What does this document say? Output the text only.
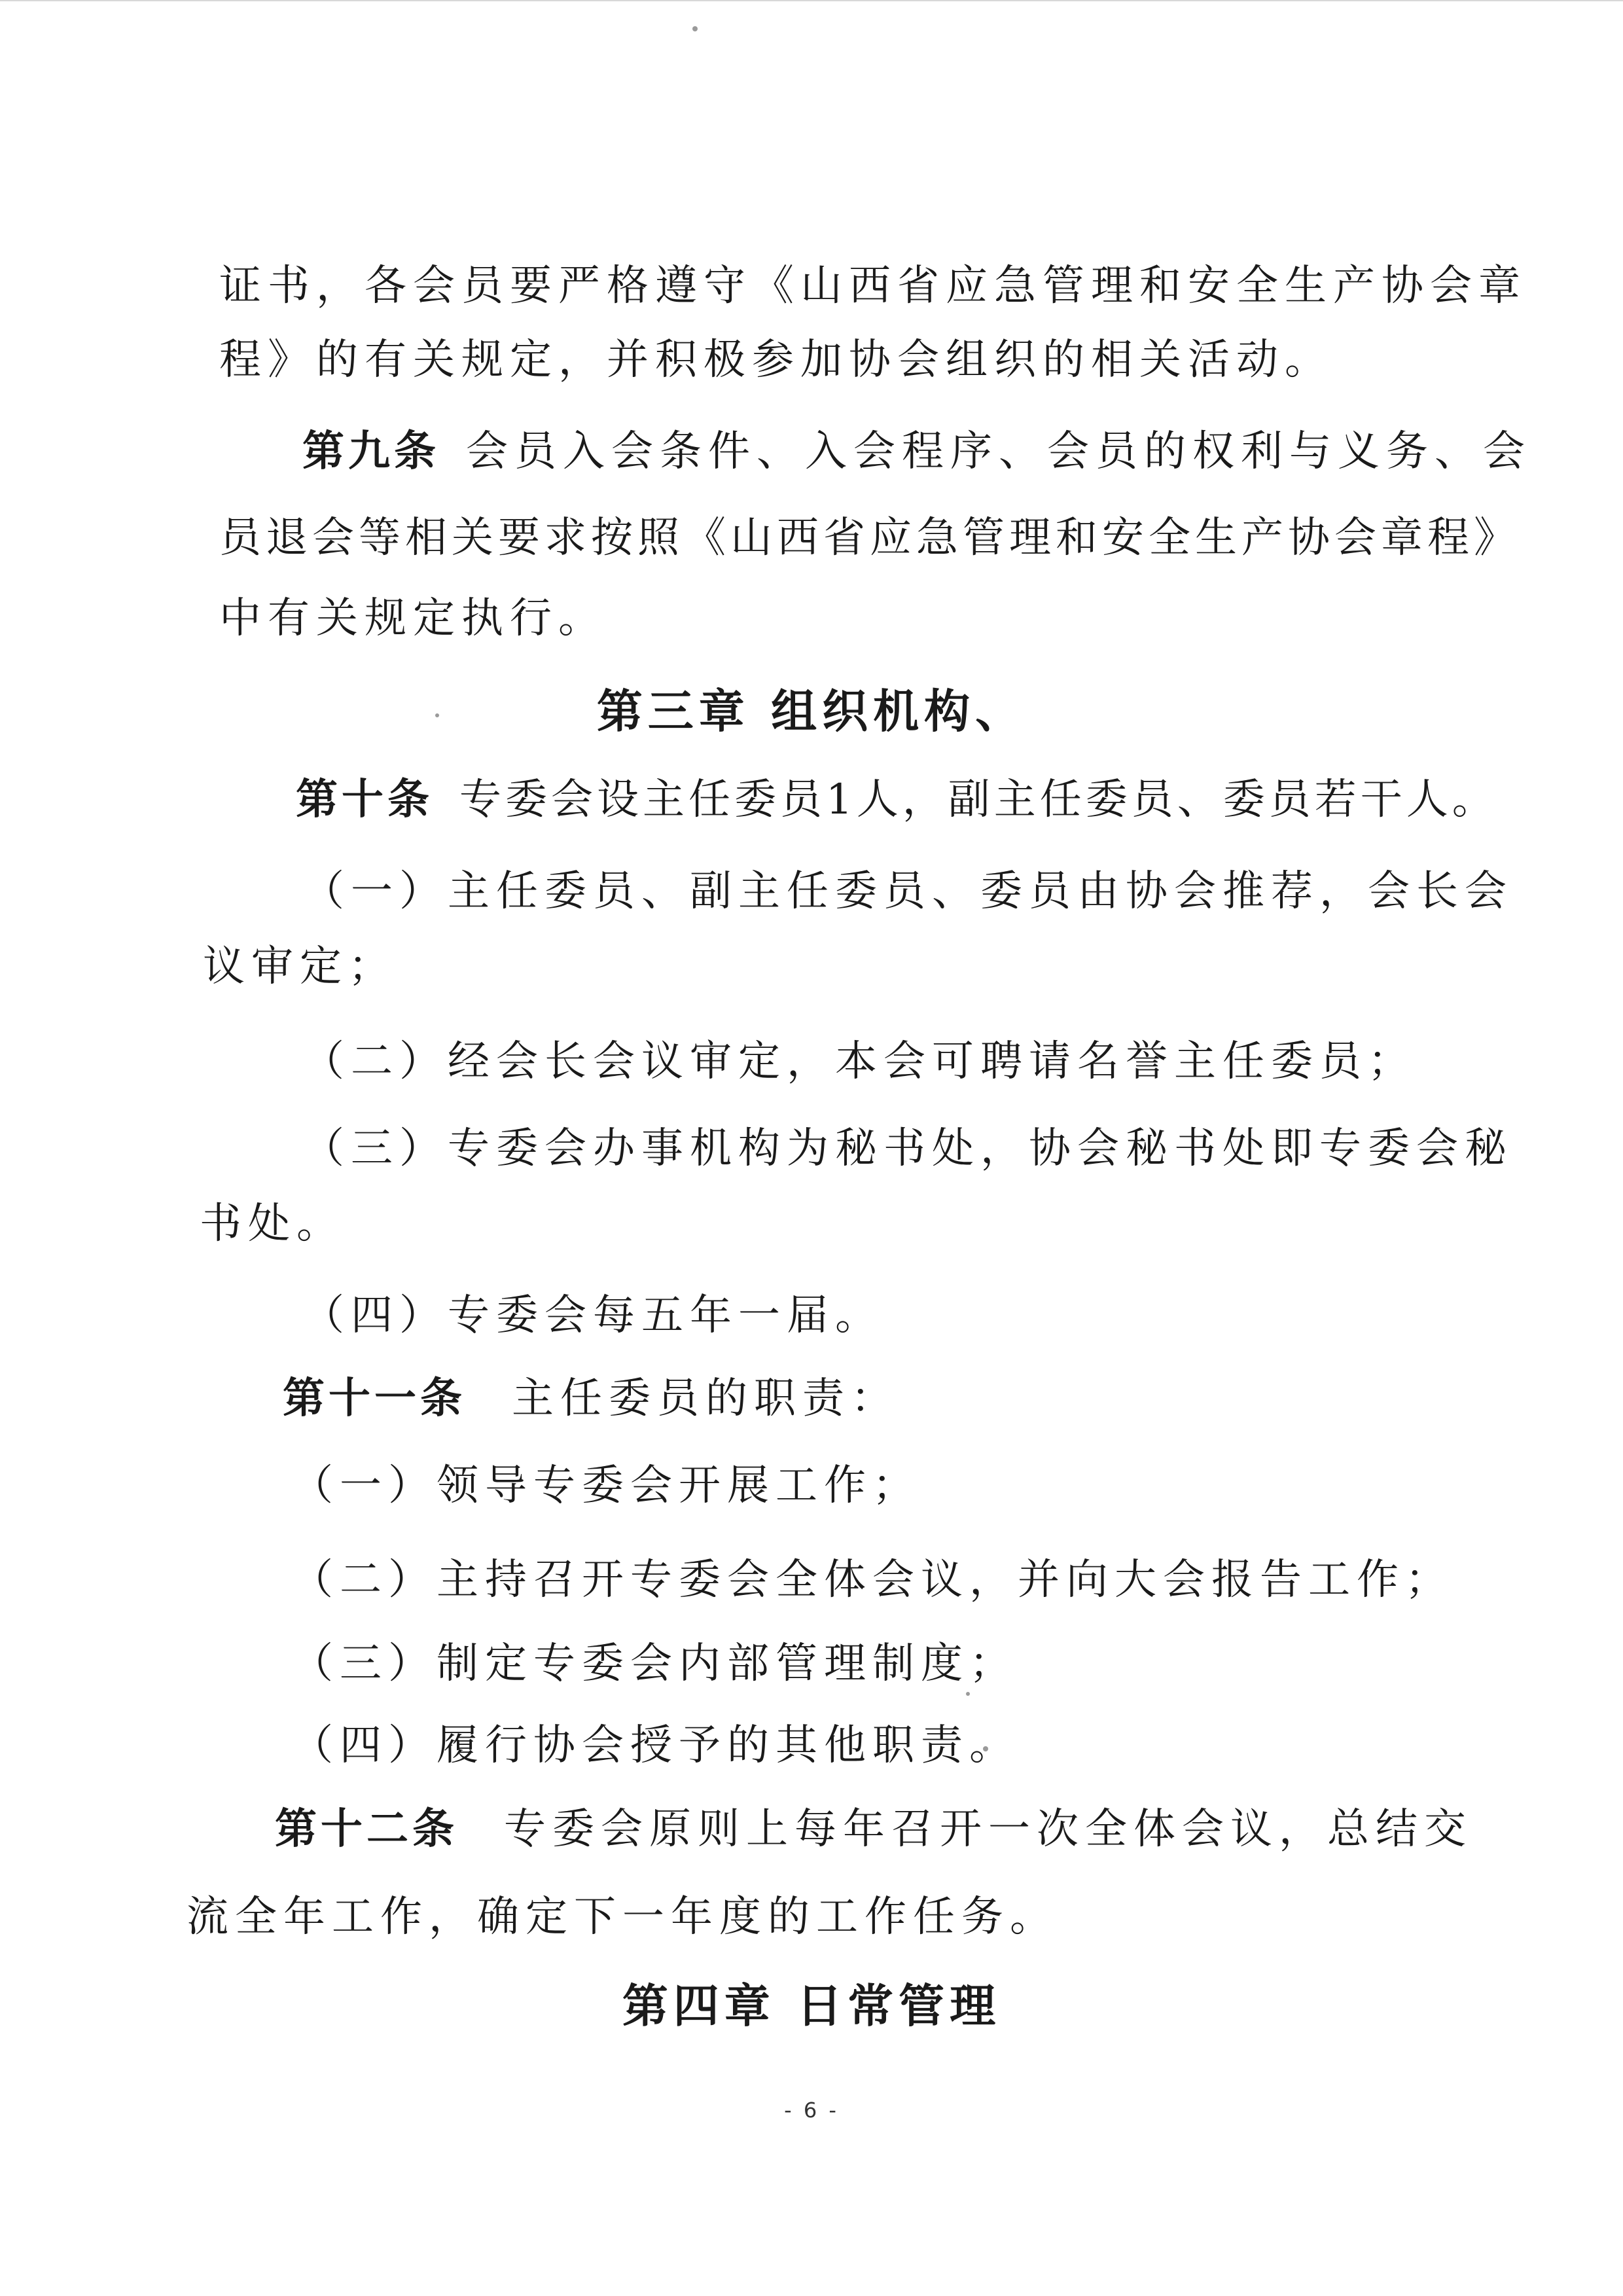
证书，各会员要严格遵守《山西省应急管理和安全生产协会章
程》的有关规定，并积极参加协会组织的相关活动。
第九条 会员入会条件、入会程序、会员的权利与义务、会
员退会等相关要求按照《山西省应急管理和安全生产协会章程》
中有关规定执行。
第三章 组织机构、
第十条 专委会设主任委员1人，副主任委员、委员若干人。
（一）主任委员、副主任委员、委员由协会推荐，会长会
议审定；
（二）经会长会议审定，本会可聘请名誉主任委员；
（三）专委会办事机构为秘书处，协会秘书处即专委会秘
书处。
（四）专委会每五年一届。
第十一条 主任委员的职责：
（一）领导专委会开展工作；
（二）主持召开专委会全体会议，并向大会报告工作；
（三）制定专委会内部管理制度；
（四）履行协会授予的其他职责。
第十二条 专委会原则上每年召开一次全体会议，总结交
流全年工作，确定下一年度的工作任务。
第四章 日常管理
- 6 -
